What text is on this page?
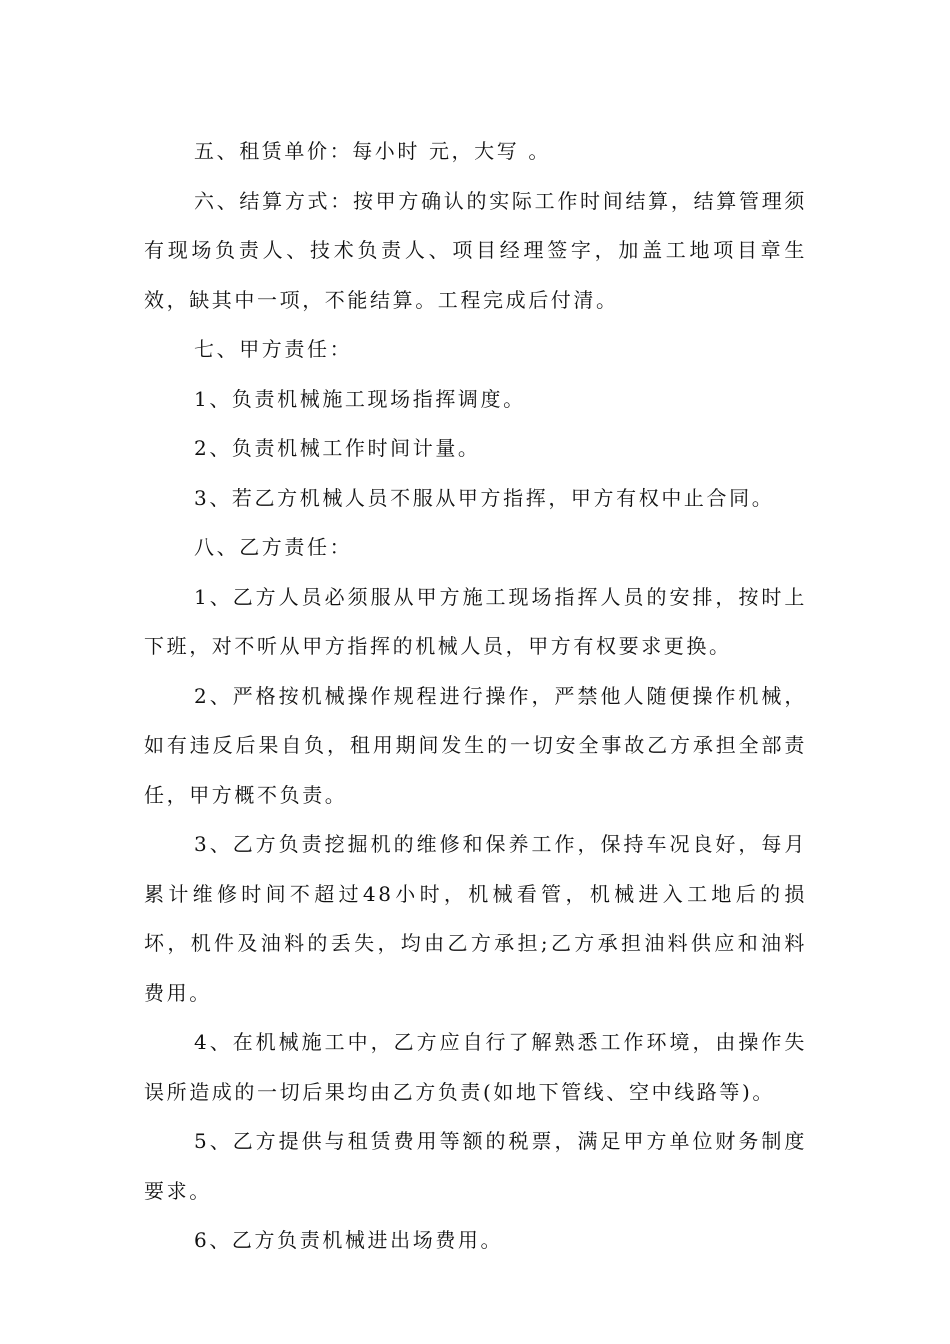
五、租赁单价：每小时 元，大写 。

六、结算方式：按甲方确认的实际工作时间结算，结算管理须有现场负责人、技术负责人、项目经理签字，加盖工地项目章生效，缺其中一项，不能结算。工程完成后付清。

七、甲方责任：

1、负责机械施工现场指挥调度。

2、负责机械工作时间计量。

3、若乙方机械人员不服从甲方指挥，甲方有权中止合同。

八、乙方责任：

1、乙方人员必须服从甲方施工现场指挥人员的安排，按时上下班，对不听从甲方指挥的机械人员，甲方有权要求更换。

2、严格按机械操作规程进行操作，严禁他人随便操作机械，如有违反后果自负，租用期间发生的一切安全事故乙方承担全部责任，甲方概不负责。

3、乙方负责挖掘机的维修和保养工作，保持车况良好，每月累计维修时间不超过48小时，机械看管，机械进入工地后的损坏，机件及油料的丢失，均由乙方承担;乙方承担油料供应和油料费用。

4、在机械施工中，乙方应自行了解熟悉工作环境，由操作失误所造成的一切后果均由乙方负责(如地下管线、空中线路等)。

5、乙方提供与租赁费用等额的税票，满足甲方单位财务制度要求。

6、乙方负责机械进出场费用。
